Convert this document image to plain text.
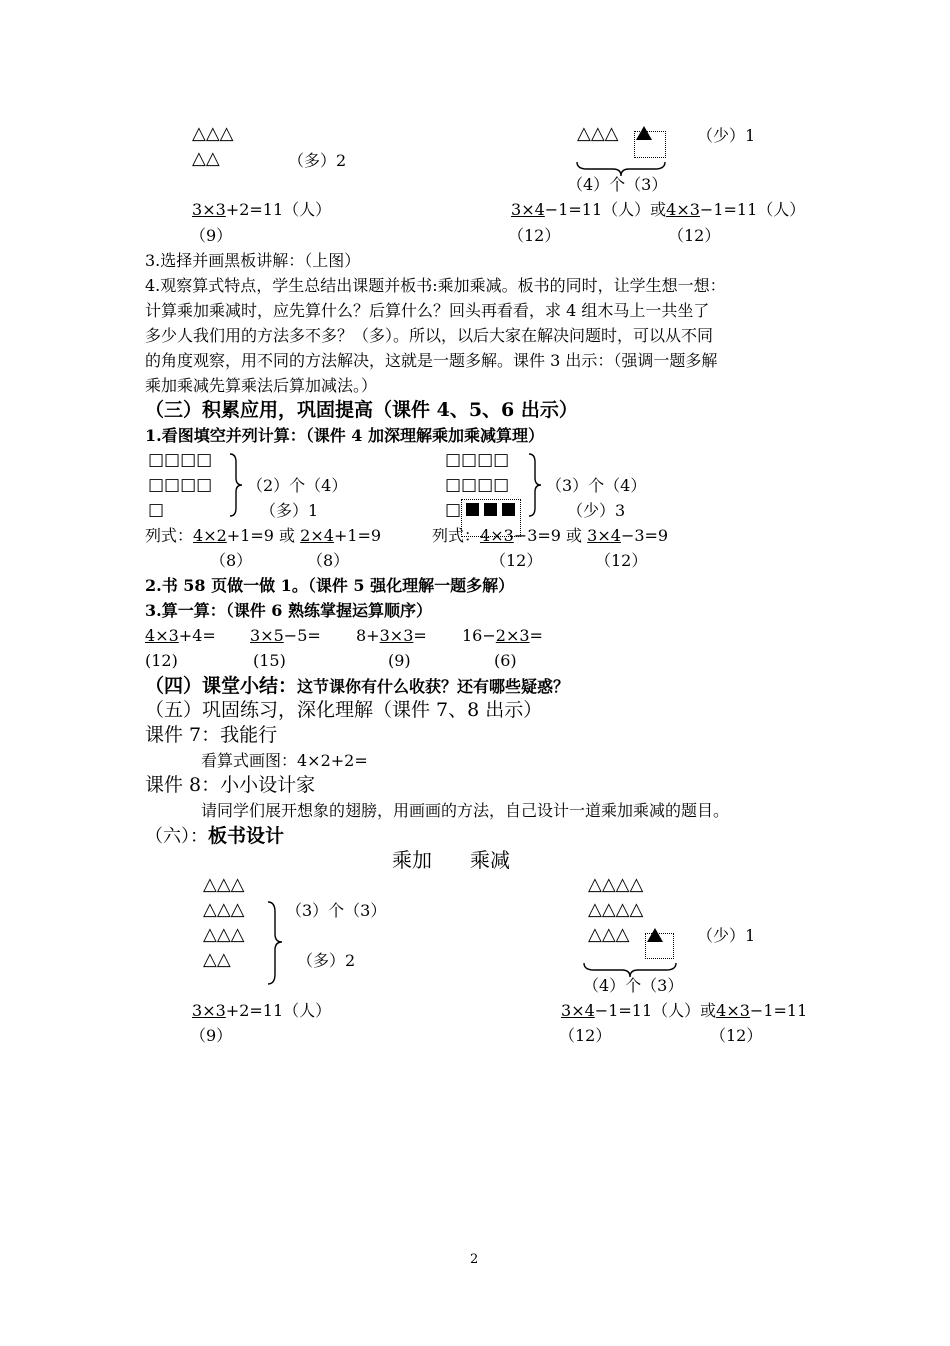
△△△
△△	（多）2
3×3+2=11（人）
（9）
△△△	（少）1
（4）个（3）
3×4−1=11（人）或4×3−1=11（人）
（12）	（12）
3.选择并画黑板讲解：（上图）
4.观察算式特点，学生总结出课题并板书:乘加乘减。板书的同时，让学生想一想：
计算乘加乘减时，应先算什么？后算什么？回头再看看，求 4 组木马上一共坐了
多少人我们用的方法多不多？（多）。所以，以后大家在解决问题时，可以从不同
的角度观察，用不同的方法解决，这就是一题多解。课件 3 出示：（强调一题多解
乘加乘减先算乘法后算加减法。）
（三）积累应用，巩固提高（课件 4、5、6 出示）
1.看图填空并列计算：（课件 4 加深理解乘加乘减算理）
□□□□
□□□□
□
（2）个（4）
（多）1
□□□□
□□□□
□
（3）个（4）
（少）3
列式：4×2+1=9 或 2×4+1=9
（8）	（8）
列式：4×3−3=9 或 3×4−3=9
（12）	（12）
2.书 58 页做一做 1。（课件 5 强化理解一题多解）
3.算一算：（课件 6 熟练掌握运算顺序）
4×3+4= 3×5−5= 8+3×3= 16−2×3=
(12)	(15)	(9)	(6)
（四）课堂小结：这节课你有什么收获？还有哪些疑惑？
（五）巩固练习，深化理解（课件 7、8 出示）
课件 7：我能行
看算式画图：4×2+2=
课件 8：小小设计家
请同学们展开想象的翅膀，用画画的方法，自己设计一道乘加乘减的题目。
（六）：板书设计
乘加 乘减
△△△
△△△
△△△
△△
（3）个（3）
（多）2
3×3+2=11（人）
（9）
△△△△
△△△△
△△△	（少）1
（4）个（3）
3×4−1=11（人）或4×3−1=11
（12）	（12）
2
